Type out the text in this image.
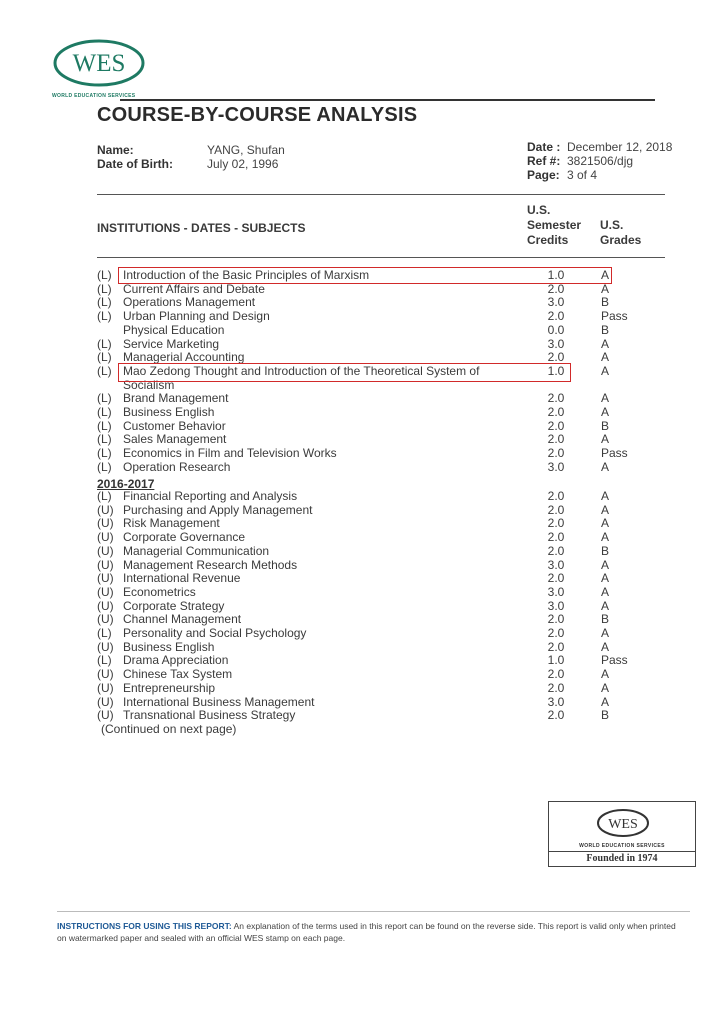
WES
WORLD EDUCATION SERVICES
COURSE-BY-COURSE ANALYSIS
Name:	YANG, Shufan
Date of Birth:	July 02, 1996
Date : December 12, 2018
Ref #: 3821506/djg
Page: 3 of 4
INSTITUTIONS - DATES - SUBJECTS
U.S.
Semester
Credits
U.S.
Grades
(L) Introduction of the Basic Principles of Marxism	1.0	A
(L) Current Affairs and Debate	2.0	A
(L) Operations Management	3.0	B
(L) Urban Planning and Design	2.0	Pass
Physical Education	0.0	B
(L) Service Marketing	3.0	A
(L) Managerial Accounting	2.0	A
(L) Mao Zedong Thought and Introduction of the Theoretical System of	1.0	A
Socialism
(L) Brand Management	2.0	A
(L) Business English	2.0	A
(L) Customer Behavior	2.0	B
(L) Sales Management	2.0	A
(L) Economics in Film and Television Works	2.0	Pass
(L) Operation Research	3.0	A
2016-2017
(L) Financial Reporting and Analysis	2.0	A
(U) Purchasing and Apply Management	2.0	A
(U) Risk Management	2.0	A
(U) Corporate Governance	2.0	A
(U) Managerial Communication	2.0	B
(U) Management Research Methods	3.0	A
(U) International Revenue	2.0	A
(U) Econometrics	3.0	A
(U) Corporate Strategy	3.0	A
(U) Channel Management	2.0	B
(L) Personality and Social Psychology	2.0	A
(U) Business English	2.0	A
(L) Drama Appreciation	1.0	Pass
(U) Chinese Tax System	2.0	A
(U) Entrepreneurship	2.0	A
(U) International Business Management	3.0	A
(U) Transnational Business Strategy	2.0	B
(Continued on next page)
WES
WORLD EDUCATION SERVICES
Founded in 1974
INSTRUCTIONS FOR USING THIS REPORT: An explanation of the terms used in this report can be found on the reverse side. This report is valid only when printed on watermarked paper and sealed with an official WES stamp on each page.
